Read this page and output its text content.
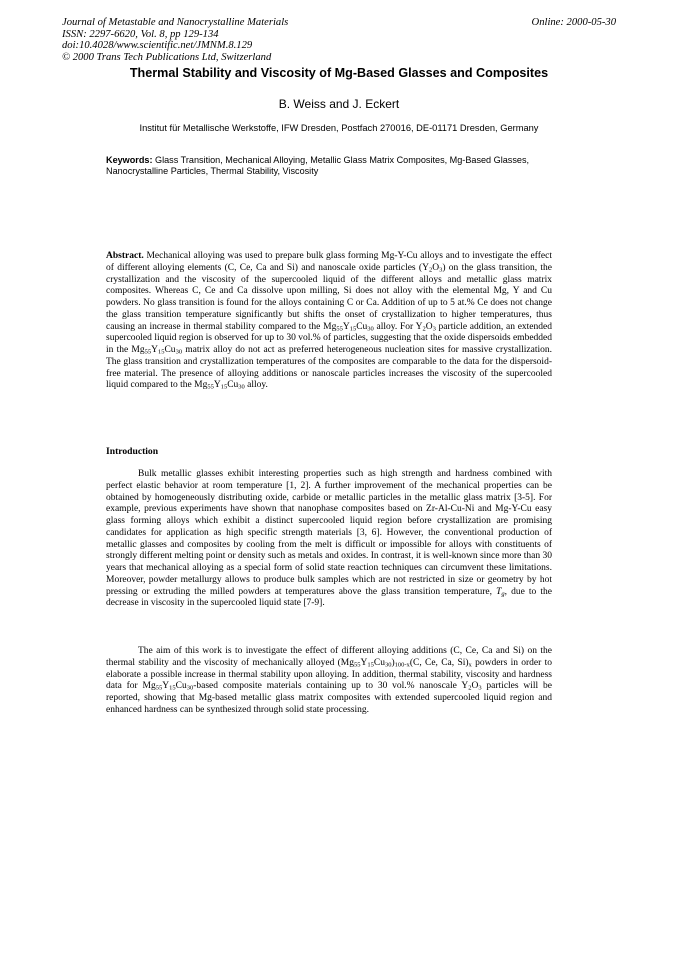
Journal of Metastable and Nanocrystalline Materials
ISSN: 2297-6620, Vol. 8, pp 129-134
doi:10.4028/www.scientific.net/JMNM.8.129
© 2000 Trans Tech Publications Ltd, Switzerland
Online: 2000-05-30
Thermal Stability and Viscosity of Mg-Based Glasses and Composites
B. Weiss and J. Eckert
Institut für Metallische Werkstoffe, IFW Dresden, Postfach 270016, DE-01171 Dresden, Germany
Keywords: Glass Transition, Mechanical Alloying, Metallic Glass Matrix Composites, Mg-Based Glasses, Nanocrystalline Particles, Thermal Stability, Viscosity
Abstract. Mechanical alloying was used to prepare bulk glass forming Mg-Y-Cu alloys and to investigate the effect of different alloying elements (C, Ce, Ca and Si) and nanoscale oxide particles $(Y_2O_3)$ on the glass transition, the crystallization and the viscosity of the supercooled liquid of the different alloys and metallic glass matrix composites. Whereas C, Ce and Ca dissolve upon milling, Si does not alloy with the elemental Mg, Y and Cu powders. No glass transition is found for the alloys containing C or Ca. Addition of up to 5 at.% Ce does not change the glass transition temperature significantly but shifts the onset of crystallization to higher temperatures, thus causing an increase in thermal stability compared to the $Mg_{55}Y_{15}Cu_{30}$ alloy. For $Y_2O_3$ particle addition, an extended supercooled liquid region is observed for up to 30 vol.% of particles, suggesting that the oxide dispersoids embedded in the $Mg_{55}Y_{15}Cu_{30}$ matrix alloy do not act as preferred heterogeneous nucleation sites for massive crystallization. The glass transition and crystallization temperatures of the composites are comparable to the data for the dispersoid-free material. The presence of alloying additions or nanoscale particles increases the viscosity of the supercooled liquid compared to the $Mg_{55}Y_{15}Cu_{30}$ alloy.
Introduction
Bulk metallic glasses exhibit interesting properties such as high strength and hardness combined with perfect elastic behavior at room temperature [1, 2]. A further improvement of the mechanical properties can be obtained by homogeneously distributing oxide, carbide or metallic particles in the metallic glass matrix [3-5]. For example, previous experiments have shown that nanophase composites based on Zr-Al-Cu-Ni and Mg-Y-Cu easy glass forming alloys which exhibit a distinct supercooled liquid region before crystallization are promising candidates for application as high specific strength materials [3, 6]. However, the conventional production of metallic glasses and composites by cooling from the melt is difficult or impossible for alloys with constituents of strongly different melting point or density such as metals and oxides. In contrast, it is well-known since more than 30 years that mechanical alloying as a special form of solid state reaction techniques can circumvent these limitations. Moreover, powder metallurgy allows to produce bulk samples which are not restricted in size or geometry by hot pressing or extruding the milled powders at temperatures above the glass transition temperature, $T_g$, due to the decrease in viscosity in the supercooled liquid state [7-9].
The aim of this work is to investigate the effect of different alloying additions (C, Ce, Ca and Si) on the thermal stability and the viscosity of mechanically alloyed $(Mg_{55}Y_{15}Cu_{30})_{100-x}(C$, Ce, Ca, $Si)_x$ powders in order to elaborate a possible increase in thermal stability upon alloying. In addition, thermal stability, viscosity and hardness data for $Mg_{55}Y_{15}Cu_{30}$-based composite materials containing up to 30 vol.% nanoscale $Y_2O_3$ particles will be reported, showing that Mg-based metallic glass matrix composites with extended supercooled liquid region and enhanced hardness can be synthesized through solid state processing.
